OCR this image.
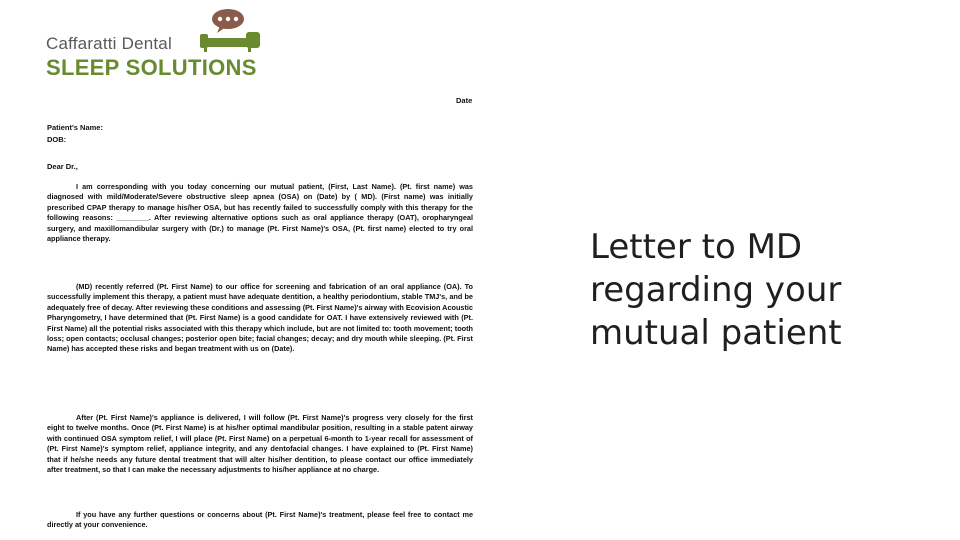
Caffaratti Dental
SLEEP SOLUTIONS
Date
Patient's Name:
DOB:
Dear Dr.,

I am corresponding with you today concerning our mutual patient, (First, Last Name). (Pt. first name) was diagnosed with mild/Moderate/Severe obstructive sleep apnea (OSA) on (Date) by ( MD). (First name) was initially prescribed CPAP therapy to manage his/her OSA, but has recently failed to successfully comply with this therapy for the following reasons: ________. After reviewing alternative options such as oral appliance therapy (OAT), oropharyngeal surgery, and maxillomandibular surgery with (Dr.) to manage (Pt. First Name)'s OSA, (Pt. first name) elected to try oral appliance therapy.

(MD) recently referred (Pt. First Name) to our office for screening and fabrication of an oral appliance (OA). To successfully implement this therapy, a patient must have adequate dentition, a healthy periodontium, stable TMJ's, and be adequately free of decay. After reviewing these conditions and assessing (Pt. First Name)'s airway with Ecovision Acoustic Pharyngometry, I have determined that (Pt. First Name) is a good candidate for OAT. I have extensively reviewed with (Pt. First Name) all the potential risks associated with this therapy which include, but are not limited to: tooth movement; tooth loss; open contacts; occlusal changes; posterior open bite; facial changes; decay; and dry mouth while sleeping. (Pt. First Name) has accepted these risks and began treatment with us on (Date).

After (Pt. First Name)'s appliance is delivered, I will follow (Pt. First Name)'s progress very closely for the first eight to twelve months. Once (Pt. First Name) is at his/her optimal mandibular position, resulting in a stable patent airway with continued OSA symptom relief, I will place (Pt. First Name) on a perpetual 6-month to 1-year recall for assessment of (Pt. First Name)'s symptom relief, appliance integrity, and any dentofacial changes. I have explained to (Pt. First Name) that if he/she needs any future dental treatment that will alter his/her dentition, to please contact our office immediately after treatment, so that I can make the necessary adjustments to his/her appliance at no charge.

If you have any further questions or concerns about (Pt. First Name)'s treatment, please feel free to contact me directly at your convenience.

Letter to MD regarding your mutual patient
